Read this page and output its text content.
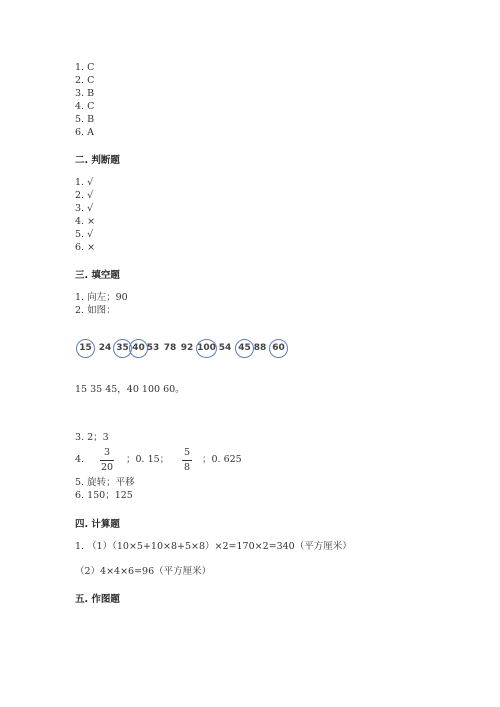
1. C
2. C
3. B
4. C
5. B
6. A
二. 判断题
1. √
2. √
3. √
4. ×
5. √
6. ×
三. 填空题
1. 向左；90
2. 如图：
15 24 35 40 53 78 92 100 54 45 88 60
15 35 45，40 100 60。
3. 2；3
4.
3
20
；0. 15；
5
8
；0. 625
5. 旋转；平移
6. 150；125
四. 计算题
1. （1）（10×5+10×8+5×8）×2=170×2=340（平方厘米）
（2）4×4×6=96（平方厘米）
五. 作图题
